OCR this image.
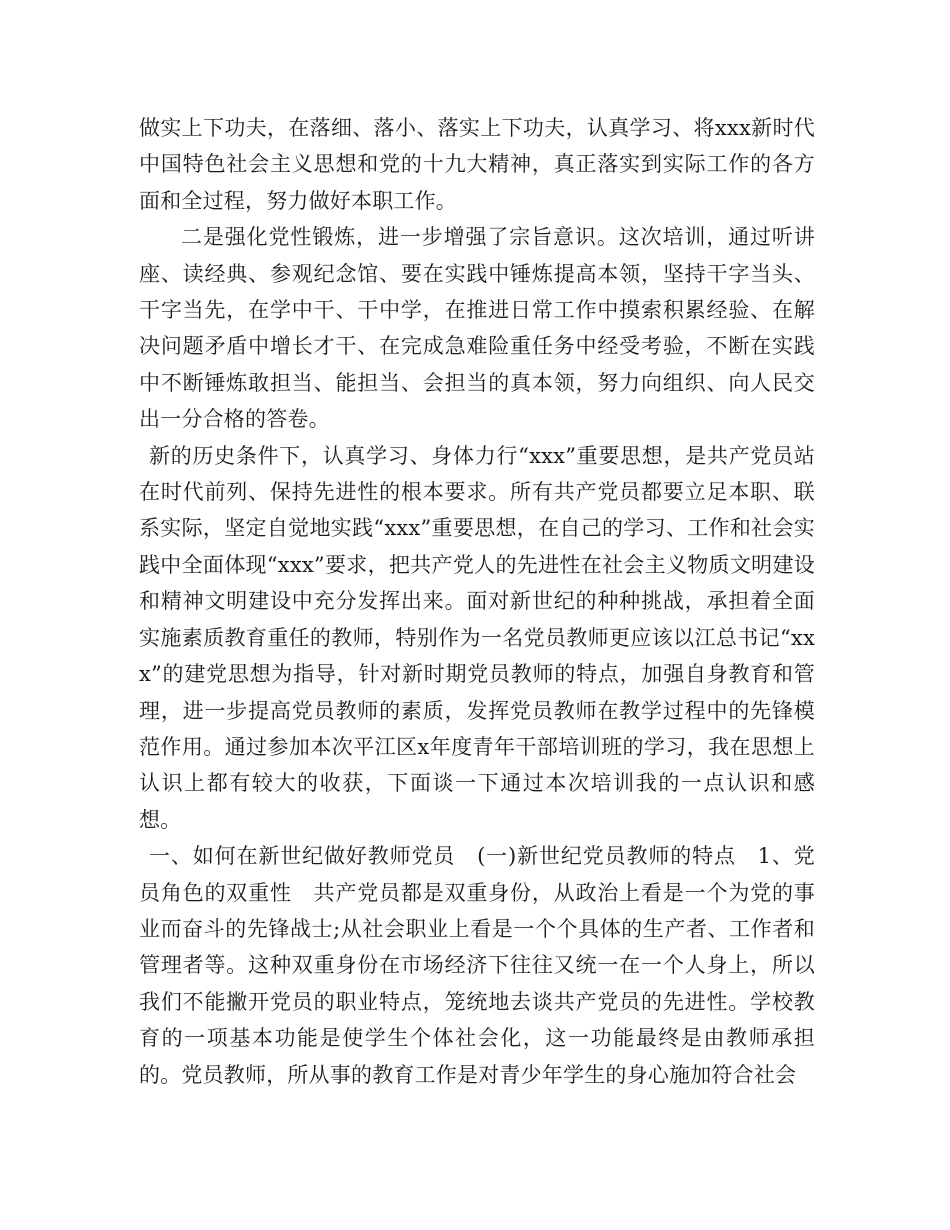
做实上下功夫，在落细、落小、落实上下功夫，认真学习、将xxx新时代中国特色社会主义思想和党的十九大精神，真正落实到实际工作的各方面和全过程，努力做好本职工作。

二是强化党性锻炼，进一步增强了宗旨意识。这次培训，通过听讲座、读经典、参观纪念馆、要在实践中锤炼提高本领，坚持干字当头、干字当先，在学中干、干中学，在推进日常工作中摸索积累经验、在解决问题矛盾中增长才干、在完成急难险重任务中经受考验，不断在实践中不断锤炼敢担当、能担当、会担当的真本领，努力向组织、向人民交出一分合格的答卷。

新的历史条件下，认真学习、身体力行“xxx”重要思想，是共产党员站在时代前列、保持先进性的根本要求。所有共产党员都要立足本职、联系实际，坚定自觉地实践“xxx”重要思想，在自己的学习、工作和社会实践中全面体现“xxx”要求，把共产党人的先进性在社会主义物质文明建设和精神文明建设中充分发挥出来。面对新世纪的种种挑战，承担着全面实施素质教育重任的教师，特别作为一名党员教师更应该以江总书记“xxx”的建党思想为指导，针对新时期党员教师的特点，加强自身教育和管理，进一步提高党员教师的素质，发挥党员教师在教学过程中的先锋模范作用。通过参加本次平江区x年度青年干部培训班的学习，我在思想上认识上都有较大的收获，下面谈一下通过本次培训我的一点认识和感想。

一、如何在新世纪做好教师党员　(一)新世纪党员教师的特点　1、党员角色的双重性　共产党员都是双重身份，从政治上看是一个为党的事业而奋斗的先锋战士;从社会职业上看是一个个具体的生产者、工作者和管理者等。这种双重身份在市场经济下往往又统一在一个人身上，所以我们不能撇开党员的职业特点，笼统地去谈共产党员的先进性。学校教育的一项基本功能是使学生个体社会化，这一功能最终是由教师承担的。党员教师，所从事的教育工作是对青少年学生的身心施加符合社会
